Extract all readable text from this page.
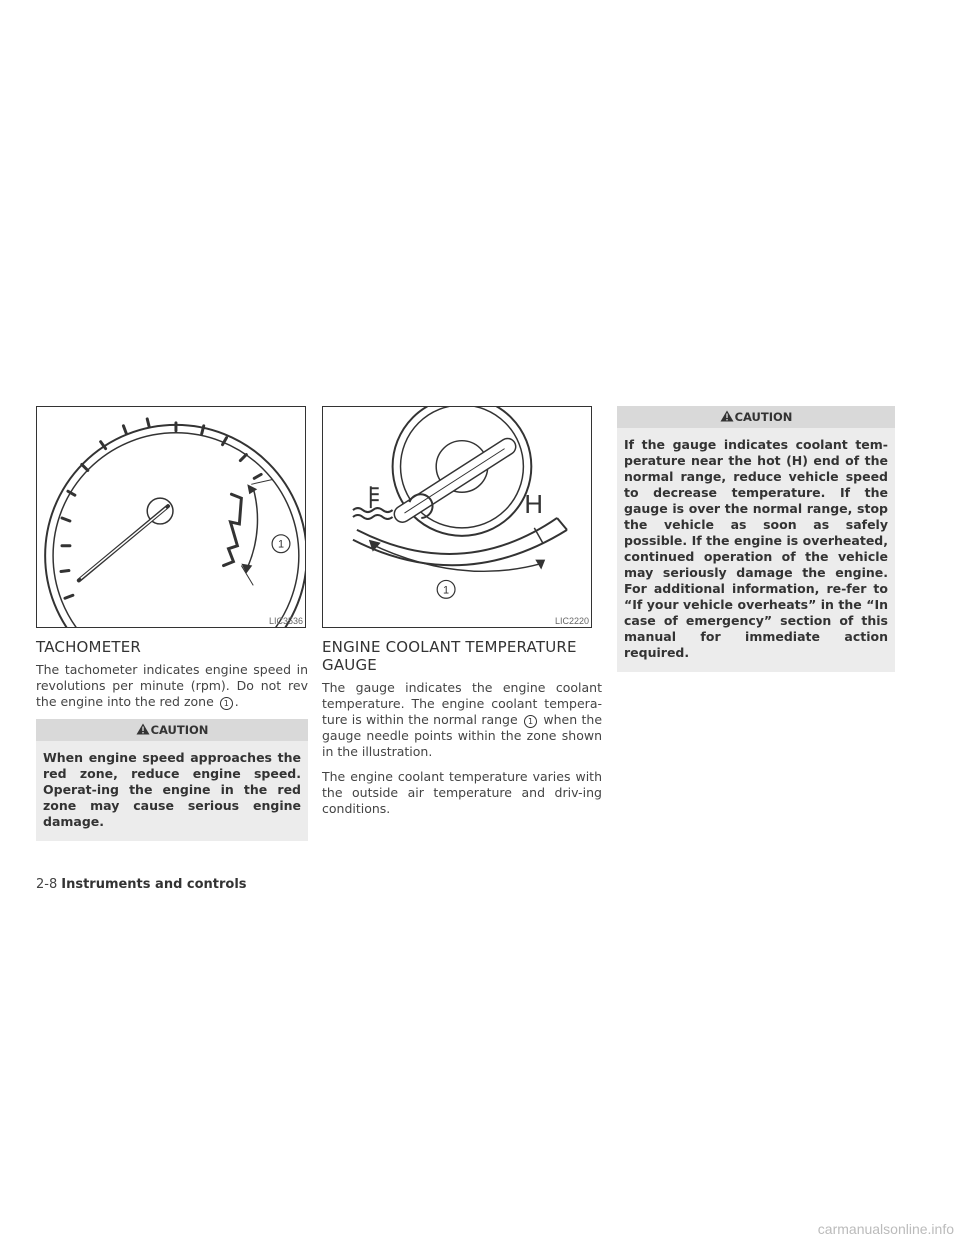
1
LIC3536
TACHOMETER

The tachometer indicates engine speed in revolutions per minute (rpm). Do not rev the engine into the red zone 1 .

CAUTION

When engine speed approaches the red zone, reduce engine speed. Operat-ing the engine in the red zone may cause serious engine damage.

H
1
LIC2220
ENGINE COOLANT TEMPERATURE GAUGE

The gauge indicates the engine coolant temperature. The engine coolant tempera-ture is within the normal range 1 when the gauge needle points within the zone shown in the illustration.

The engine coolant temperature varies with the outside air temperature and driv-ing conditions.

CAUTION

If the gauge indicates coolant tem-perature near the hot (H) end of the normal range, reduce vehicle speed to decrease temperature. If the gauge is over the normal range, stop the vehicle as soon as safely possible. If the engine is overheated, continued operation of the vehicle may seriously damage the engine. For additional information, re-fer to “If your vehicle overheats” in the “In case of emergency” section of this manual for immediate action required.

2-8 Instruments and controls
carmanualsonline.info
